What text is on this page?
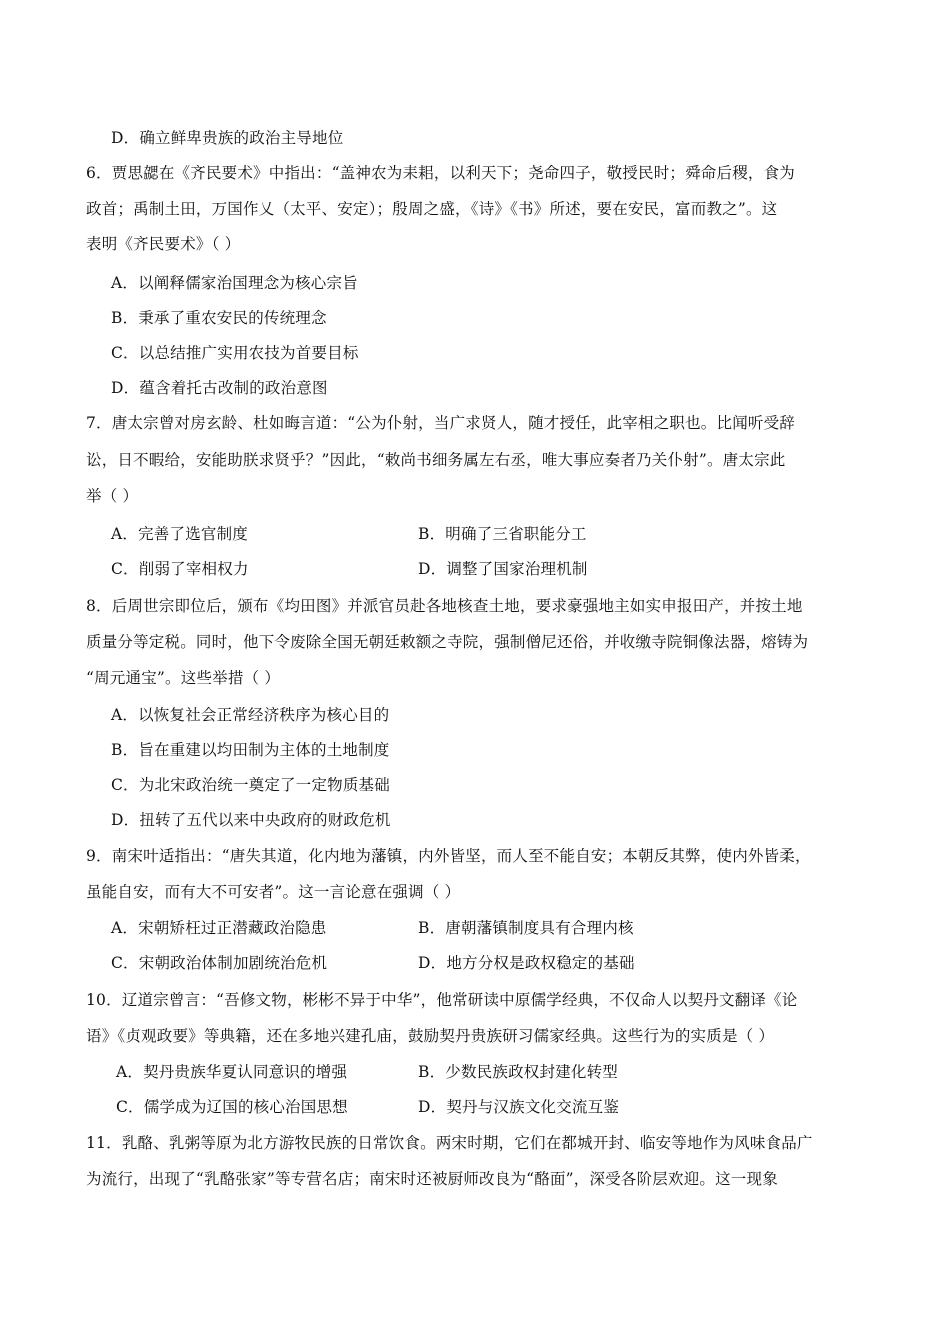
D．确立鲜卑贵族的政治主导地位
6．贾思勰在《齐民要术》中指出：“盖神农为耒耜，以利天下；尧命四子，敬授民时；舜命后稷，食为
政首；禹制土田，万国作乂（太平、安定）；殷周之盛，《诗》《书》所述，要在安民，富而教之”。这
表明《齐民要术》（ ）
A．以阐释儒家治国理念为核心宗旨
B．秉承了重农安民的传统理念
C．以总结推广实用农技为首要目标
D．蕴含着托古改制的政治意图
7．唐太宗曾对房玄龄、杜如晦言道：“公为仆射，当广求贤人，随才授任，此宰相之职也。比闻听受辞
讼，日不暇给，安能助朕求贤乎？”因此，“敕尚书细务属左右丞，唯大事应奏者乃关仆射”。唐太宗此
举（ ）
A．完善了选官制度	B．明确了三省职能分工
C．削弱了宰相权力	D．调整了国家治理机制
8．后周世宗即位后，颁布《均田图》并派官员赴各地核查土地，要求豪强地主如实申报田产，并按土地
质量分等定税。同时，他下令废除全国无朝廷敕额之寺院，强制僧尼还俗，并收缴寺院铜像法器，熔铸为
“周元通宝”。这些举措（ ）
A．以恢复社会正常经济秩序为核心目的
B．旨在重建以均田制为主体的土地制度
C．为北宋政治统一奠定了一定物质基础
D．扭转了五代以来中央政府的财政危机
9．南宋叶适指出：“唐失其道，化内地为藩镇，内外皆坚，而人至不能自安；本朝反其弊，使内外皆柔，
虽能自安，而有大不可安者”。这一言论意在强调（ ）
A．宋朝矫枉过正潜藏政治隐患	B．唐朝藩镇制度具有合理内核
C．宋朝政治体制加剧统治危机	D．地方分权是政权稳定的基础
10．辽道宗曾言：“吾修文物，彬彬不异于中华”，他常研读中原儒学经典，不仅命人以契丹文翻译《论
语》《贞观政要》等典籍，还在多地兴建孔庙，鼓励契丹贵族研习儒家经典。这些行为的实质是（ ）
A．契丹贵族华夏认同意识的增强	B．少数民族政权封建化转型
C．儒学成为辽国的核心治国思想	D．契丹与汉族文化交流互鉴
11．乳酪、乳粥等原为北方游牧民族的日常饮食。两宋时期，它们在都城开封、临安等地作为风味食品广
为流行，出现了“乳酪张家”等专营名店；南宋时还被厨师改良为“酪面”，深受各阶层欢迎。这一现象
